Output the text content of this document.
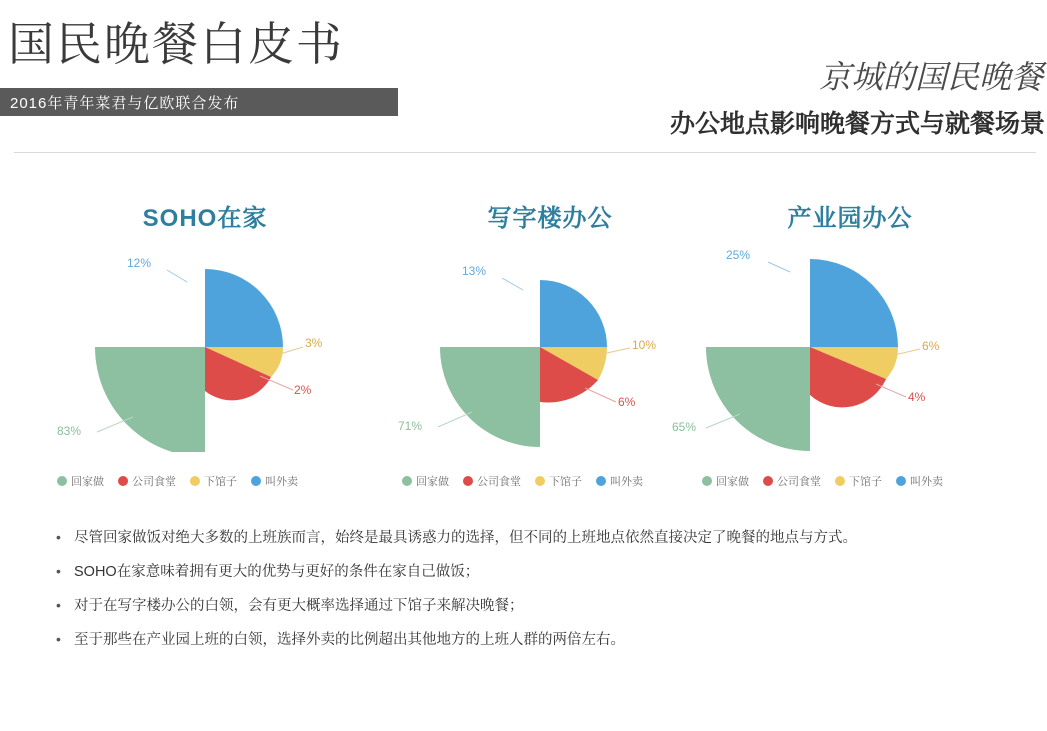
国民晚餐白皮书
2016年青年菜君与亿欧联合发布
京城的国民晚餐
办公地点影响晚餐方式与就餐场景
SOHO在家
12%
3%
2%
83%
回家做	公司食堂	下馆子	叫外卖
写字楼办公
13%
10%
6%
71%
回家做	公司食堂	下馆子	叫外卖
产业园办公
25%
6%
4%
65%
回家做	公司食堂	下馆子	叫外卖
• 尽管回家做饭对绝大多数的上班族而言，始终是最具诱惑力的选择，但不同的上班地点依然直接决定了晚餐的地点与方式。
• SOHO在家意味着拥有更大的优势与更好的条件在家自己做饭；
• 对于在写字楼办公的白领，会有更大概率选择通过下馆子来解决晚餐；
• 至于那些在产业园上班的白领，选择外卖的比例超出其他地方的上班人群的两倍左右。
